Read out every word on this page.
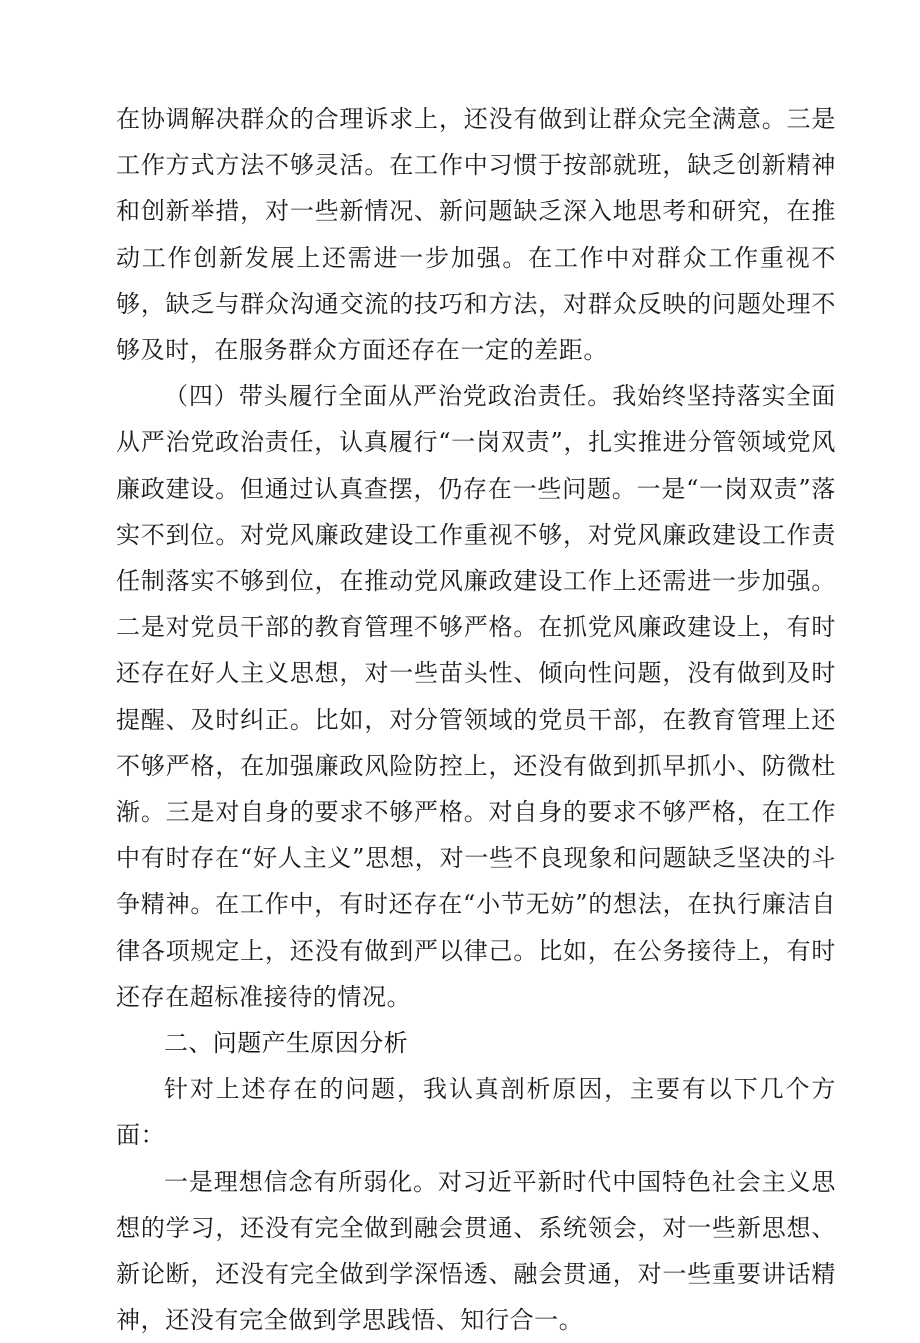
在协调解决群众的合理诉求上，还没有做到让群众完全满意。三是工作方式方法不够灵活。在工作中习惯于按部就班，缺乏创新精神和创新举措，对一些新情况、新问题缺乏深入地思考和研究，在推动工作创新发展上还需进一步加强。在工作中对群众工作重视不够，缺乏与群众沟通交流的技巧和方法，对群众反映的问题处理不够及时，在服务群众方面还存在一定的差距。

（四）带头履行全面从严治党政治责任。我始终坚持落实全面从严治党政治责任，认真履行“一岗双责”，扎实推进分管领域党风廉政建设。但通过认真查摆，仍存在一些问题。一是“一岗双责”落实不到位。对党风廉政建设工作重视不够，对党风廉政建设工作责任制落实不够到位，在推动党风廉政建设工作上还需进一步加强。二是对党员干部的教育管理不够严格。在抓党风廉政建设上，有时还存在好人主义思想，对一些苗头性、倾向性问题，没有做到及时提醒、及时纠正。比如，对分管领域的党员干部，在教育管理上还不够严格，在加强廉政风险防控上，还没有做到抓早抓小、防微杜渐。三是对自身的要求不够严格。对自身的要求不够严格，在工作中有时存在“好人主义”思想，对一些不良现象和问题缺乏坚决的斗争精神。在工作中，有时还存在“小节无妨”的想法，在执行廉洁自律各项规定上，还没有做到严以律己。比如，在公务接待上，有时还存在超标准接待的情况。

二、问题产生原因分析

针对上述存在的问题，我认真剖析原因，主要有以下几个方面：

一是理想信念有所弱化。对习近平新时代中国特色社会主义思想的学习，还没有完全做到融会贯通、系统领会，对一些新思想、新论断，还没有完全做到学深悟透、融会贯通，对一些重要讲话精神，还没有完全做到学思践悟、知行合一。
